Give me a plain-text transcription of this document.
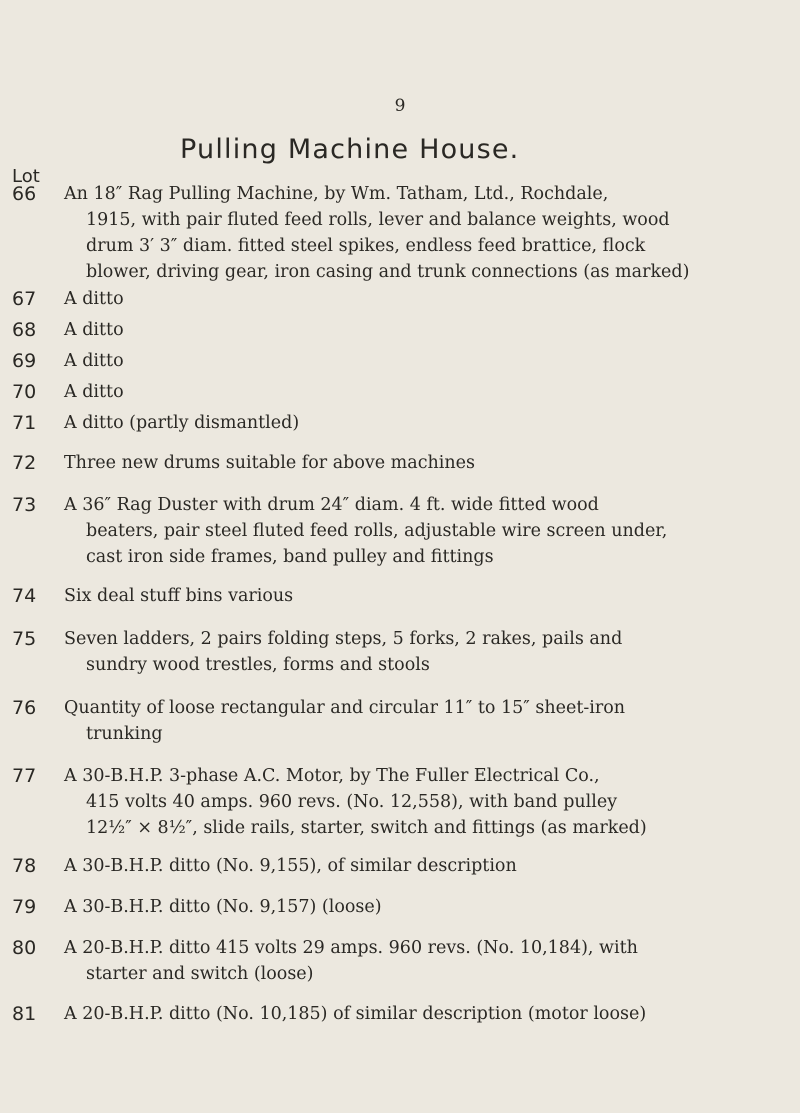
9
Pulling Machine House.
Lot
66	An 18″ Rag Pulling Machine, by Wm. Tatham, Ltd., Rochdale,
1915, with pair fluted feed rolls, lever and balance weights, wood
drum 3′ 3″ diam. fitted steel spikes, endless feed brattice, flock
blower, driving gear, iron casing and trunk connections (as marked)
67	A ditto
68	A ditto
69	A ditto
70	A ditto
71	A ditto (partly dismantled)
72	Three new drums suitable for above machines
73	A 36″ Rag Duster with drum 24″ diam. 4 ft. wide fitted wood
beaters, pair steel fluted feed rolls, adjustable wire screen under,
cast iron side frames, band pulley and fittings
74	Six deal stuff bins various
75	Seven ladders, 2 pairs folding steps, 5 forks, 2 rakes, pails and
sundry wood trestles, forms and stools
76	Quantity of loose rectangular and circular 11″ to 15″ sheet-iron
trunking
77	A 30-B.H.P. 3-phase A.C. Motor, by The Fuller Electrical Co.,
415 volts 40 amps. 960 revs. (No. 12,558), with band pulley
12½″ × 8½″, slide rails, starter, switch and fittings (as marked)
78	A 30-B.H.P. ditto (No. 9,155), of similar description
79	A 30-B.H.P. ditto (No. 9,157) (loose)
80	A 20-B.H.P. ditto 415 volts 29 amps. 960 revs. (No. 10,184), with
starter and switch (loose)
81	A 20-B.H.P. ditto (No. 10,185) of similar description (motor loose)
